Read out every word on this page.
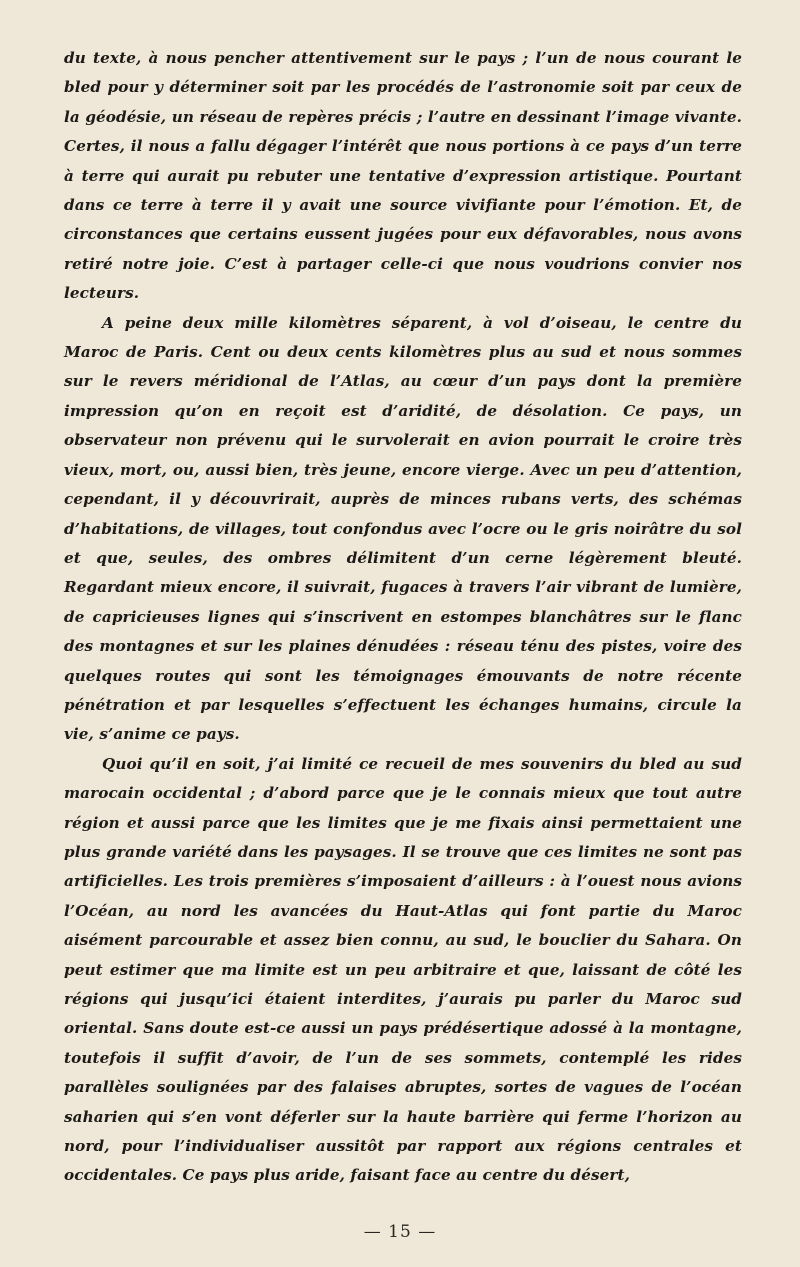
du texte, à nous pencher attentivement sur le pays ; l’un de nous courant le bled pour y déterminer soit par les procédés de l’astronomie soit par ceux de la géodésie, un réseau de repères précis ; l’autre en dessinant l’image vivante. Certes, il nous a fallu dégager l’intérêt que nous portions à ce pays d’un terre à terre qui aurait pu rebuter une tentative d’expression artistique. Pourtant dans ce terre à terre il y avait une source vivifiante pour l’émotion. Et, de circonstances que certains eussent jugées pour eux défavorables, nous avons retiré notre joie. C’est à partager celle-ci que nous voudrions convier nos lecteurs.

A peine deux mille kilomètres séparent, à vol d’oiseau, le centre du Maroc de Paris. Cent ou deux cents kilomètres plus au sud et nous sommes sur le revers méridional de l’Atlas, au cœur d’un pays dont la première impression qu’on en reçoit est d’aridité, de désolation. Ce pays, un observateur non prévenu qui le survolerait en avion pourrait le croire très vieux, mort, ou, aussi bien, très jeune, encore vierge. Avec un peu d’attention, cependant, il y découvrirait, auprès de minces rubans verts, des schémas d’habitations, de villages, tout confondus avec l’ocre ou le gris noirâtre du sol et que, seules, des ombres délimitent d’un cerne légèrement bleuté. Regardant mieux encore, il suivrait, fugaces à travers l’air vibrant de lumière, de capricieuses lignes qui s’inscrivent en estompes blanchâtres sur le flanc des montagnes et sur les plaines dénudées : réseau ténu des pistes, voire des quelques routes qui sont les témoignages émouvants de notre récente pénétration et par lesquelles s’effectuent les échanges humains, circule la vie, s’anime ce pays.

Quoi qu’il en soit, j’ai limité ce recueil de mes souvenirs du bled au sud marocain occidental ; d’abord parce que je le connais mieux que tout autre région et aussi parce que les limites que je me fixais ainsi permettaient une plus grande variété dans les paysages. Il se trouve que ces limites ne sont pas artificielles. Les trois premières s’imposaient d’ailleurs : à l’ouest nous avions l’Océan, au nord les avancées du Haut-Atlas qui font partie du Maroc aisément parcourable et assez bien connu, au sud, le bouclier du Sahara. On peut estimer que ma limite est un peu arbitraire et que, laissant de côté les régions qui jusqu’ici étaient interdites, j’aurais pu parler du Maroc sud oriental. Sans doute est-ce aussi un pays prédésertique adossé à la montagne, toutefois il suffit d’avoir, de l’un de ses sommets, contemplé les rides parallèles soulignées par des falaises abruptes, sortes de vagues de l’océan saharien qui s’en vont déferler sur la haute barrière qui ferme l’horizon au nord, pour l’individualiser aussitôt par rapport aux régions centrales et occidentales. Ce pays plus aride, faisant face au centre du désert,

— 15 —
